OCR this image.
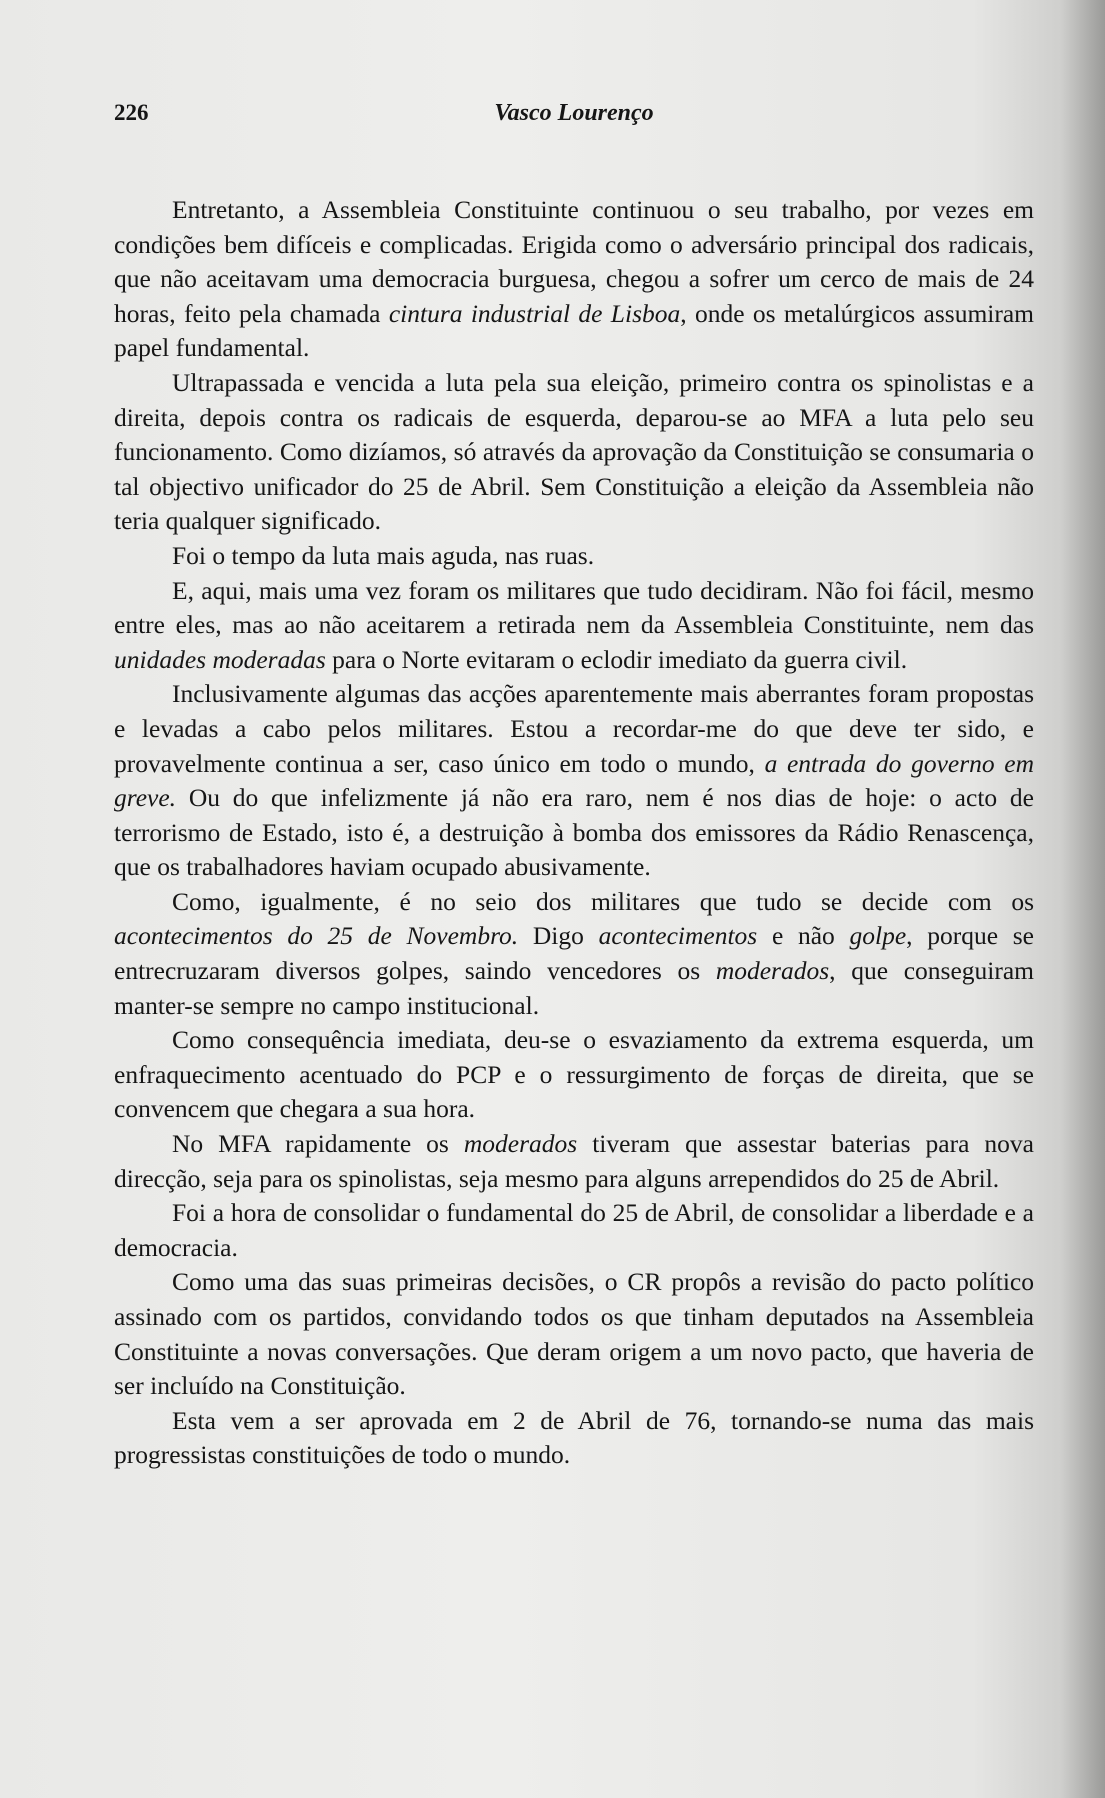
226	Vasco Lourenço

Entretanto, a Assembleia Constituinte continuou o seu trabalho, por vezes em condições bem difíceis e complicadas. Erigida como o adversário principal dos radicais, que não aceitavam uma democracia burguesa, chegou a sofrer um cerco de mais de 24 horas, feito pela chamada cintura industrial de Lisboa, onde os metalúrgicos assumiram papel fundamental.

Ultrapassada e vencida a luta pela sua eleição, primeiro contra os spinolistas e a direita, depois contra os radicais de esquerda, deparou-se ao MFA a luta pelo seu funcionamento. Como dizíamos, só através da aprovação da Constituição se consumaria o tal objectivo unificador do 25 de Abril. Sem Constituição a eleição da Assembleia não teria qualquer significado.

Foi o tempo da luta mais aguda, nas ruas.

E, aqui, mais uma vez foram os militares que tudo decidiram. Não foi fácil, mesmo entre eles, mas ao não aceitarem a retirada nem da Assembleia Constituinte, nem das unidades moderadas para o Norte evitaram o eclodir imediato da guerra civil.

Inclusivamente algumas das acções aparentemente mais aberrantes foram propostas e levadas a cabo pelos militares. Estou a recordar-me do que deve ter sido, e provavelmente continua a ser, caso único em todo o mundo, a entrada do governo em greve. Ou do que infelizmente já não era raro, nem é nos dias de hoje: o acto de terrorismo de Estado, isto é, a destruição à bomba dos emissores da Rádio Renascença, que os trabalhadores haviam ocupado abusivamente.

Como, igualmente, é no seio dos militares que tudo se decide com os acontecimentos do 25 de Novembro. Digo acontecimentos e não golpe, porque se entrecruzaram diversos golpes, saindo vencedores os moderados, que conseguiram manter-se sempre no campo institucional.

Como consequência imediata, deu-se o esvaziamento da extrema esquerda, um enfraquecimento acentuado do PCP e o ressurgimento de forças de direita, que se convencem que chegara a sua hora.

No MFA rapidamente os moderados tiveram que assestar baterias para nova direcção, seja para os spinolistas, seja mesmo para alguns arrependidos do 25 de Abril.

Foi a hora de consolidar o fundamental do 25 de Abril, de consolidar a liberdade e a democracia.

Como uma das suas primeiras decisões, o CR propôs a revisão do pacto político assinado com os partidos, convidando todos os que tinham deputados na Assembleia Constituinte a novas conversações. Que deram origem a um novo pacto, que haveria de ser incluído na Constituição.

Esta vem a ser aprovada em 2 de Abril de 76, tornando-se numa das mais progressistas constituições de todo o mundo.
